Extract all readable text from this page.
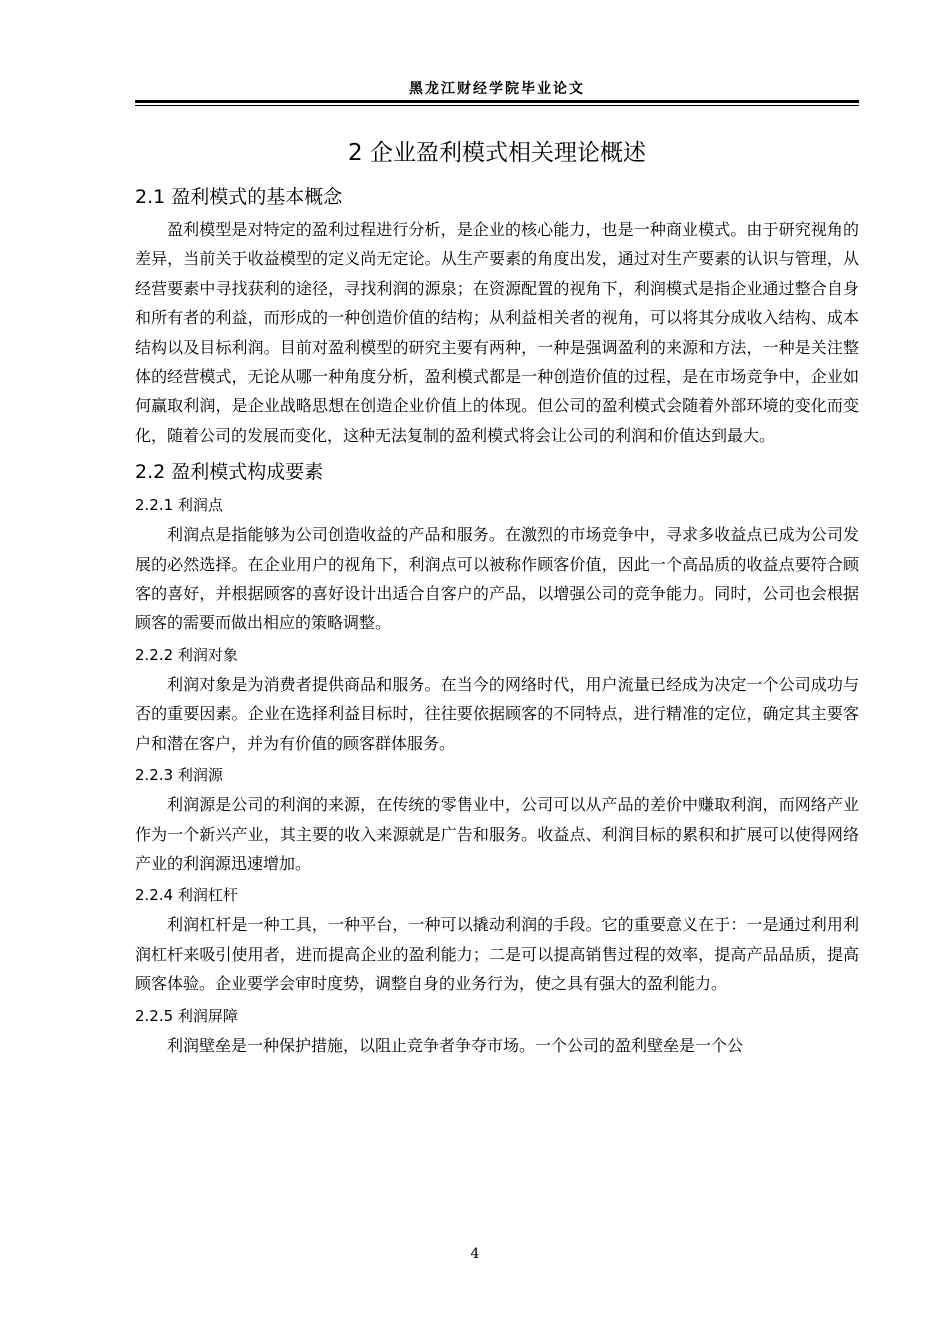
黑龙江财经学院毕业论文
2 企业盈利模式相关理论概述
2.1 盈利模式的基本概念

盈利模型是对特定的盈利过程进行分析，是企业的核心能力，也是一种商业模式。由于研究视角的差异，当前关于收益模型的定义尚无定论。从生产要素的角度出发，通过对生产要素的认识与管理，从经营要素中寻找获利的途径，寻找利润的源泉；在资源配置的视角下，利润模式是指企业通过整合自身和所有者的利益，而形成的一种创造价值的结构；从利益相关者的视角，可以将其分成收入结构、成本结构以及目标利润。目前对盈利模型的研究主要有两种，一种是强调盈利的来源和方法，一种是关注整体的经营模式，无论从哪一种角度分析，盈利模式都是一种创造价值的过程，是在市场竞争中，企业如何赢取利润，是企业战略思想在创造企业价值上的体现。但公司的盈利模式会随着外部环境的变化而变化，随着公司的发展而变化，这种无法复制的盈利模式将会让公司的利润和价值达到最大。

2.2 盈利模式构成要素
2.2.1 利润点

利润点是指能够为公司创造收益的产品和服务。在激烈的市场竞争中，寻求多收益点已成为公司发展的必然选择。在企业用户的视角下，利润点可以被称作顾客价值，因此一个高品质的收益点要符合顾客的喜好，并根据顾客的喜好设计出适合自客户的产品，以增强公司的竞争能力。同时，公司也会根据顾客的需要而做出相应的策略调整。

2.2.2 利润对象

利润对象是为消费者提供商品和服务。在当今的网络时代，用户流量已经成为决定一个公司成功与否的重要因素。企业在选择利益目标时，往往要依据顾客的不同特点，进行精准的定位，确定其主要客户和潜在客户，并为有价值的顾客群体服务。

2.2.3 利润源

利润源是公司的利润的来源，在传统的零售业中，公司可以从产品的差价中赚取利润，而网络产业作为一个新兴产业，其主要的收入来源就是广告和服务。收益点、利润目标的累积和扩展可以使得网络产业的利润源迅速增加。

2.2.4 利润杠杆

利润杠杆是一种工具，一种平台，一种可以撬动利润的手段。它的重要意义在于：一是通过利用利润杠杆来吸引使用者，进而提高企业的盈利能力；二是可以提高销售过程的效率，提高产品品质，提高顾客体验。企业要学会审时度势，调整自身的业务行为，使之具有强大的盈利能力。

2.2.5 利润屏障

利润壁垒是一种保护措施，以阻止竞争者争夺市场。一个公司的盈利壁垒是一个公

4
